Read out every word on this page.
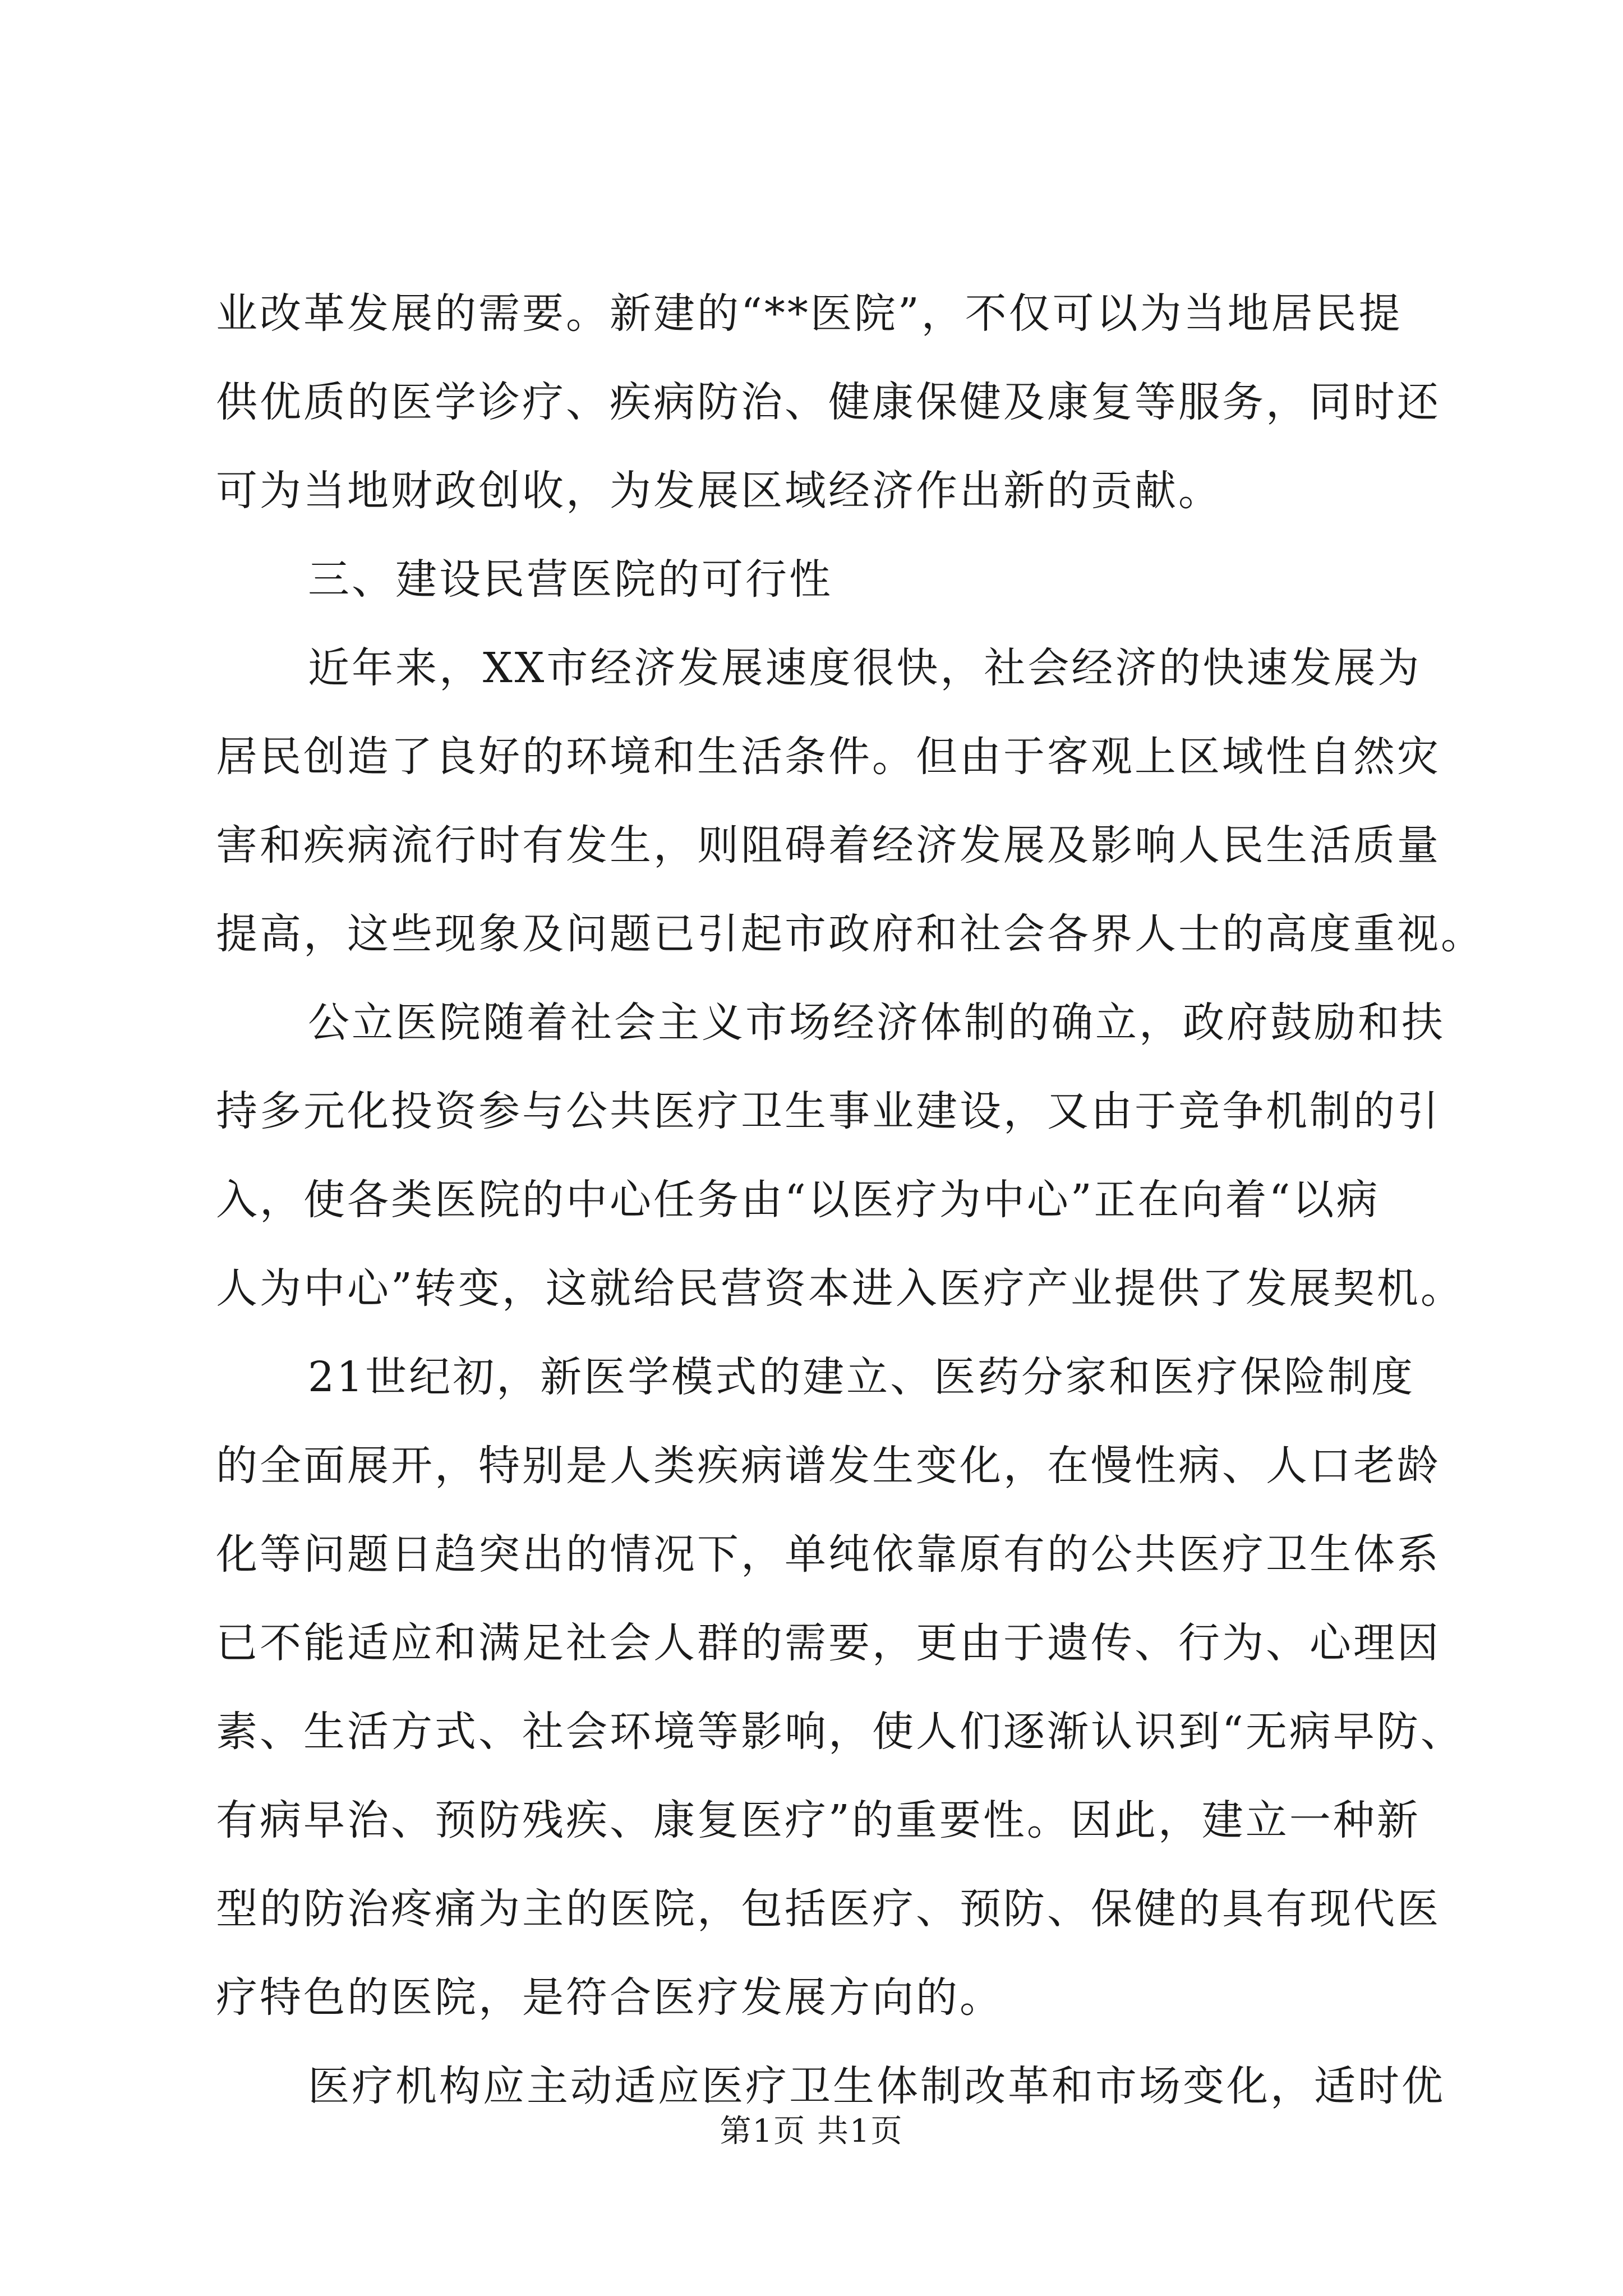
业改革发展的需要。新建的“**医院”，不仅可以为当地居民提
供优质的医学诊疗、疾病防治、健康保健及康复等服务，同时还
可为当地财政创收，为发展区域经济作出新的贡献。
三、建设民营医院的可行性
近年来，XX市经济发展速度很快，社会经济的快速发展为
居民创造了良好的环境和生活条件。但由于客观上区域性自然灾
害和疾病流行时有发生，则阻碍着经济发展及影响人民生活质量
提高，这些现象及问题已引起市政府和社会各界人士的高度重视。
公立医院随着社会主义市场经济体制的确立，政府鼓励和扶
持多元化投资参与公共医疗卫生事业建设，又由于竞争机制的引
入，使各类医院的中心任务由“以医疗为中心”正在向着“以病
人为中心”转变，这就给民营资本进入医疗产业提供了发展契机。
21世纪初，新医学模式的建立、医药分家和医疗保险制度
的全面展开，特别是人类疾病谱发生变化，在慢性病、人口老龄
化等问题日趋突出的情况下，单纯依靠原有的公共医疗卫生体系
已不能适应和满足社会人群的需要，更由于遗传、行为、心理因
素、生活方式、社会环境等影响，使人们逐渐认识到“无病早防、
有病早治、预防残疾、康复医疗”的重要性。因此，建立一种新
型的防治疼痛为主的医院，包括医疗、预防、保健的具有现代医
疗特色的医院，是符合医疗发展方向的。
医疗机构应主动适应医疗卫生体制改革和市场变化，适时优
第1页 共1页
